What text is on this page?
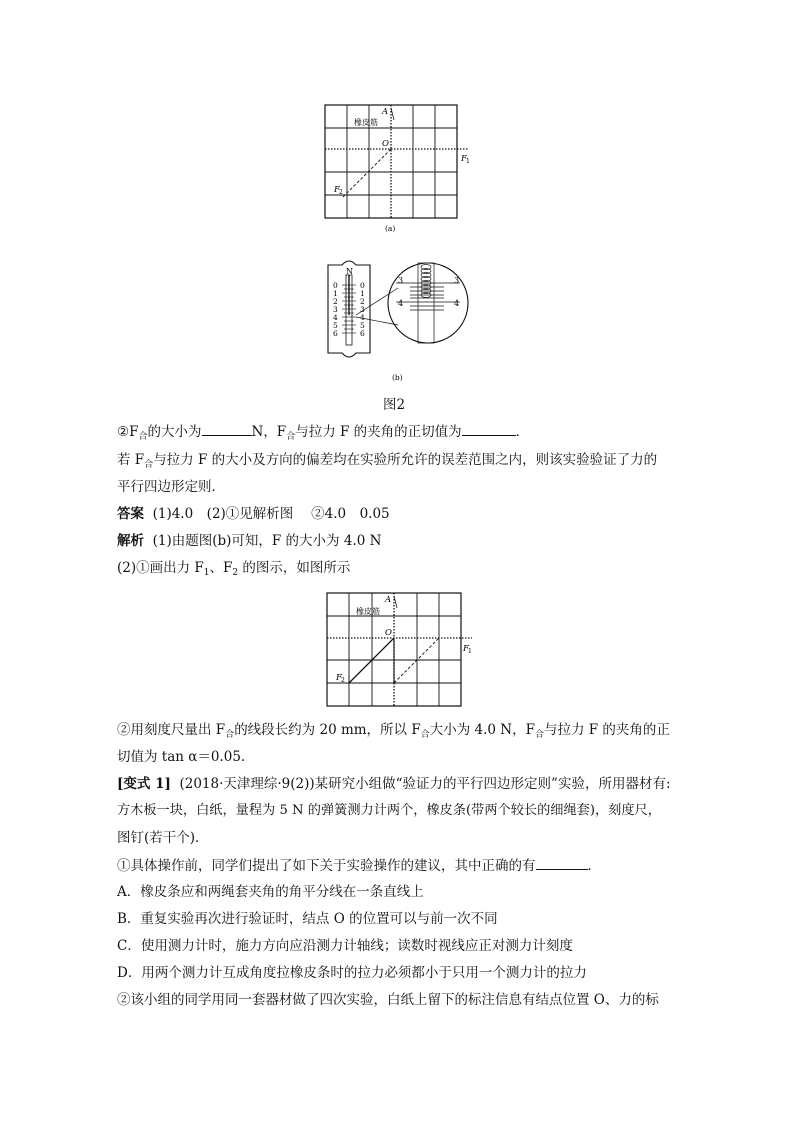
A
橡皮筋
O
F 1
F 2
(a)
N
0
1
2
3
4
5
6
0
1
2
3
4
5
6
3	3
4	4
(b)
图2
$②F_合$的大小为	N，$F_合$与拉力 F 的夹角的正切值为	．
若 $F_合$与拉力 F 的大小及方向的偏差均在实验所允许的误差范围之内，则该实验验证了力的
平行四边形定则．
答案 (1)4.0　(2)①见解析图　 ②4.0　0.05
解析 (1)由题图(b)可知，F 的大小为 4.0 N
(2)①画出力 $F_1$、$F_2$ 的图示，如图所示
A
橡皮筋
O
F 1
F 2
②用刻度尺量出 $F_合$的线段长约为 20 mm，所以 $F_合$大小为 4.0 N，$F_合$与拉力 F 的夹角的正
切值为 tan α＝0.05.
[变式 1] (2018·天津理综·9(2))某研究小组做“验证力的平行四边形定则”实验，所用器材有:
方木板一块，白纸，量程为 5 N 的弹簧测力计两个，橡皮条(带两个较长的细绳套)，刻度尺，
图钉(若干个)．
①具体操作前，同学们提出了如下关于实验操作的建议，其中正确的有	．
A．橡皮条应和两绳套夹角的角平分线在一条直线上
B．重复实验再次进行验证时，结点 O 的位置可以与前一次不同
C．使用测力计时，施力方向应沿测力计轴线；读数时视线应正对测力计刻度
D．用两个测力计互成角度拉橡皮条时的拉力必须都小于只用一个测力计的拉力
②该小组的同学用同一套器材做了四次实验，白纸上留下的标注信息有结点位置 O、力的标
